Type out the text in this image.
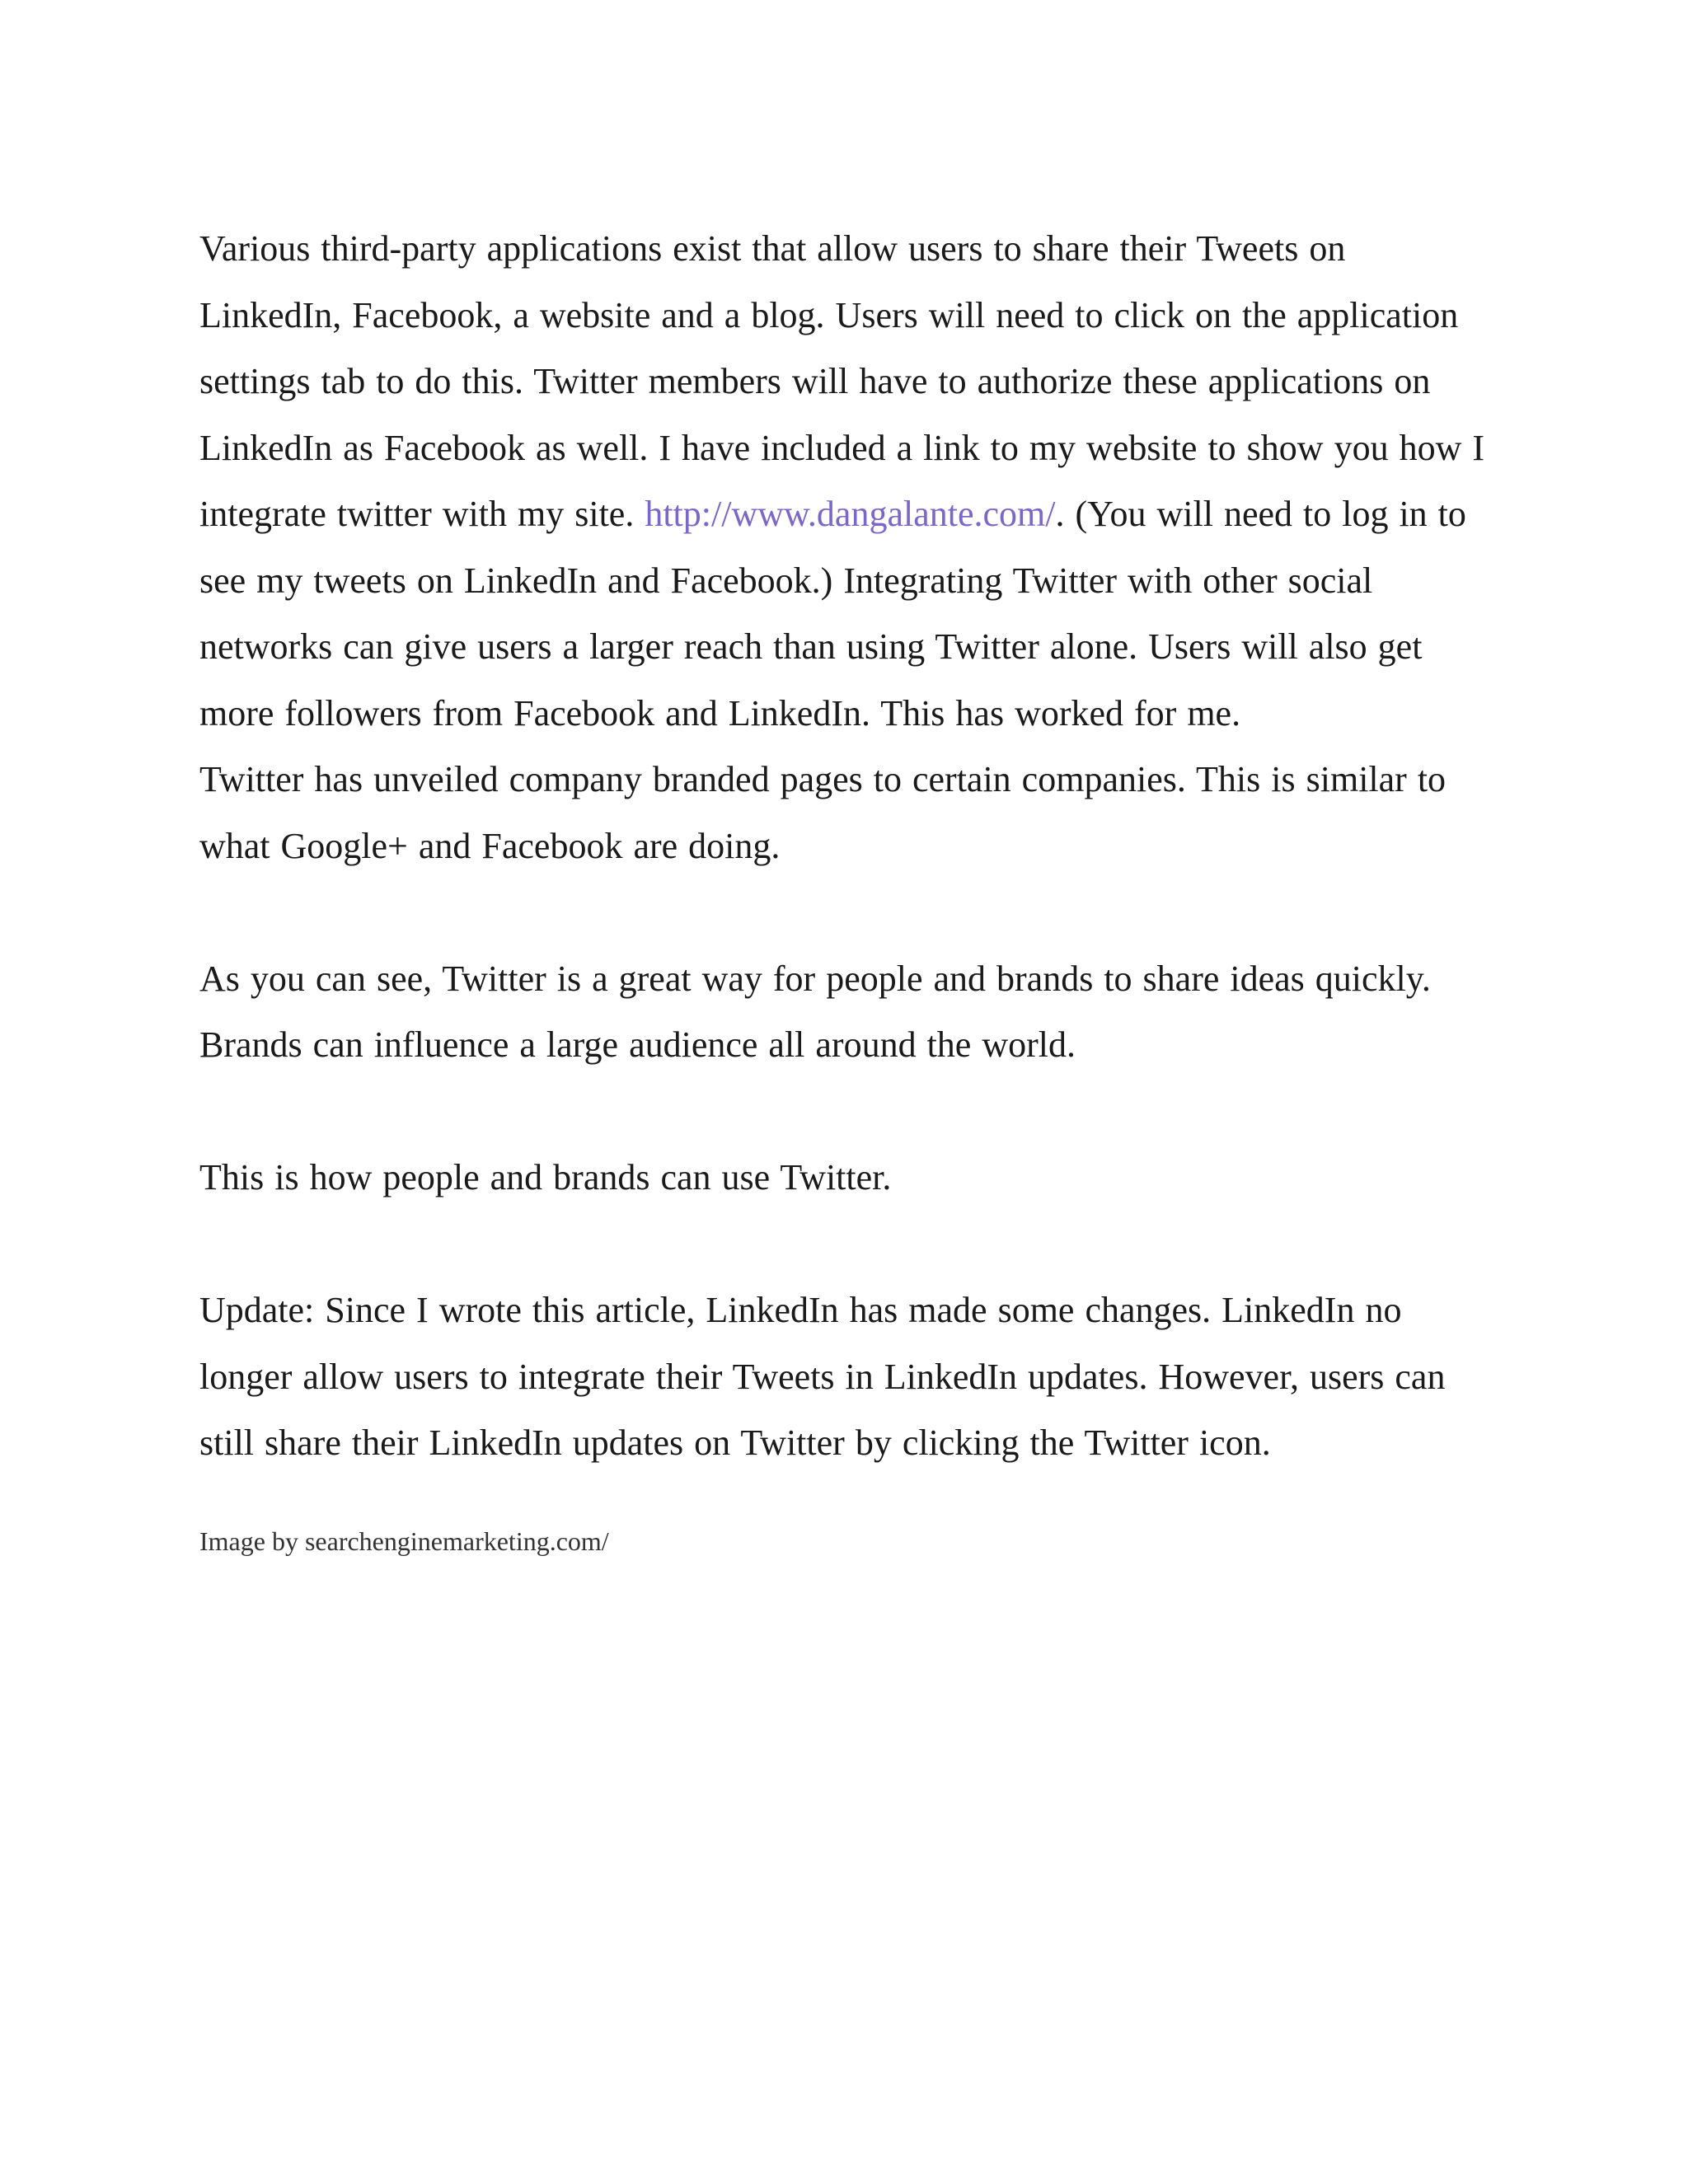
Various third-party applications exist that allow users to share their Tweets on
LinkedIn, Facebook, a website and a blog. Users will need to click on the application
settings tab to do this. Twitter members will have to authorize these applications on
LinkedIn as Facebook as well. I have included a link to my website to show you how I
integrate twitter with my site. http://www.dangalante.com/. (You will need to log in to
see my tweets on LinkedIn and Facebook.) Integrating Twitter with other social
networks can give users a larger reach than using Twitter alone. Users will also get
more followers from Facebook and LinkedIn. This has worked for me.
Twitter has unveiled company branded pages to certain companies. This is similar to
what Google+ and Facebook are doing.
As you can see, Twitter is a great way for people and brands to share ideas quickly.
Brands can influence a large audience all around the world.
This is how people and brands can use Twitter.
Update: Since I wrote this article, LinkedIn has made some changes. LinkedIn no
longer allow users to integrate their Tweets in LinkedIn updates. However, users can
still share their LinkedIn updates on Twitter by clicking the Twitter icon.
Image by searchenginemarketing.com/
